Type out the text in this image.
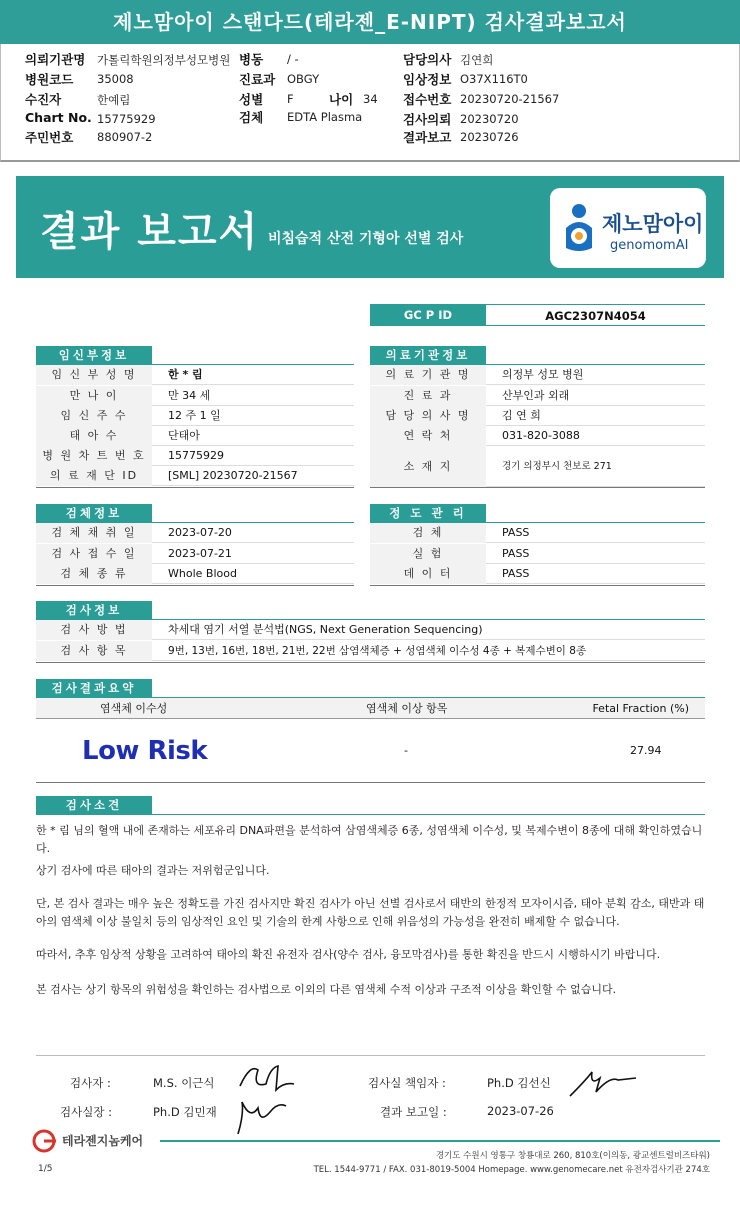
제노맘아이 스탠다드(테라젠_E-NIPT) 검사결과보고서
의뢰기관명 가톨릭학원의정부성모병원 병동 / -	담당의사 김연희
병원코드 35008	진료과 OBGY	임상정보 O37X116T0
수진자	한예림	성별 F	나이 34 접수번호 20230720-21567
Chart No. 15775929	검체 EDTA Plasma	검사의뢰 20230720
주민번호 880907-2	결과보고 20230726
결과 보고서 비침습적 산전 기형아 선별 검사
제노맘아이
genomomAI
GC P ID	AGC2307N4054
임신부정보
임 신 부 성 명	한 * 림
만 나 이	만 34 세
임 신 주 수	12 주 1 일
태 아 수	단태아
병 원 차 트 번 호	15775929
의 료 재 단 ID	[SML] 20230720-21567
의료기관정보
의 료 기 관 명	의정부 성모 병원
진 료 과	산부인과 외래
담 당 의 사 명	김 연 희
연 락 처	031-820-3088
소 재 지	경기 의정부시 천보로 271
검체정보
검 체 채 취 일	2023-07-20
검 사 접 수 일	2023-07-21
검 체 종 류	Whole Blood
정 도 관 리
검 체	PASS
실 험	PASS
데 이 터	PASS
검사정보
검 사 방 법	차세대 염기 서열 분석법(NGS, Next Generation Sequencing)
검 사 항 목	9번, 13번, 16번, 18번, 21번, 22번 삼염색체증 + 성염색체 이수성 4종 + 복제수변이 8종
검사결과요약
염색체 이수성	염색체 이상 항목	Fetal Fraction (%)
Low Risk	-	27.94
검사소견
한 * 림 님의 혈액 내에 존재하는 세포유리 DNA파편을 분석하여 삼염색체증 6종, 성염색체 이수성, 및 복제수변이 8종에 대해 확인하였습니다.
상기 검사에 따른 태아의 결과는 저위험군입니다.
단, 본 검사 결과는 매우 높은 정확도를 가진 검사지만 확진 검사가 아닌 선별 검사로서 태반의 한정적 모자이시즘, 태아 분획 감소, 태반과 태아의 염색체 이상 불일치 등의 임상적인 요인 및 기술의 한계 사항으로 인해 위음성의 가능성을 완전히 배제할 수 없습니다.
따라서, 추후 임상적 상황을 고려하여 태아의 확진 유전자 검사(양수 검사, 융모막검사)를 통한 확진을 반드시 시행하시기 바랍니다.
본 검사는 상기 항목의 위험성을 확인하는 검사법으로 이외의 다른 염색체 수적 이상과 구조적 이상을 확인할 수 없습니다.
검사자 :	M.S. 이근식	검사실 책임자 :	Ph.D 김선신
검사실장 :	Ph.D 김민재	결과 보고일 :	2023-07-26
테라젠지놈케어
경기도 수원시 영통구 창룡대로 260, 810호(이의동, 광교센트럴비즈타워)
TEL. 1544-9771 / FAX. 031-8019-5004 Homepage. www.genomecare.net 유전자검사기관 274호
1/5
